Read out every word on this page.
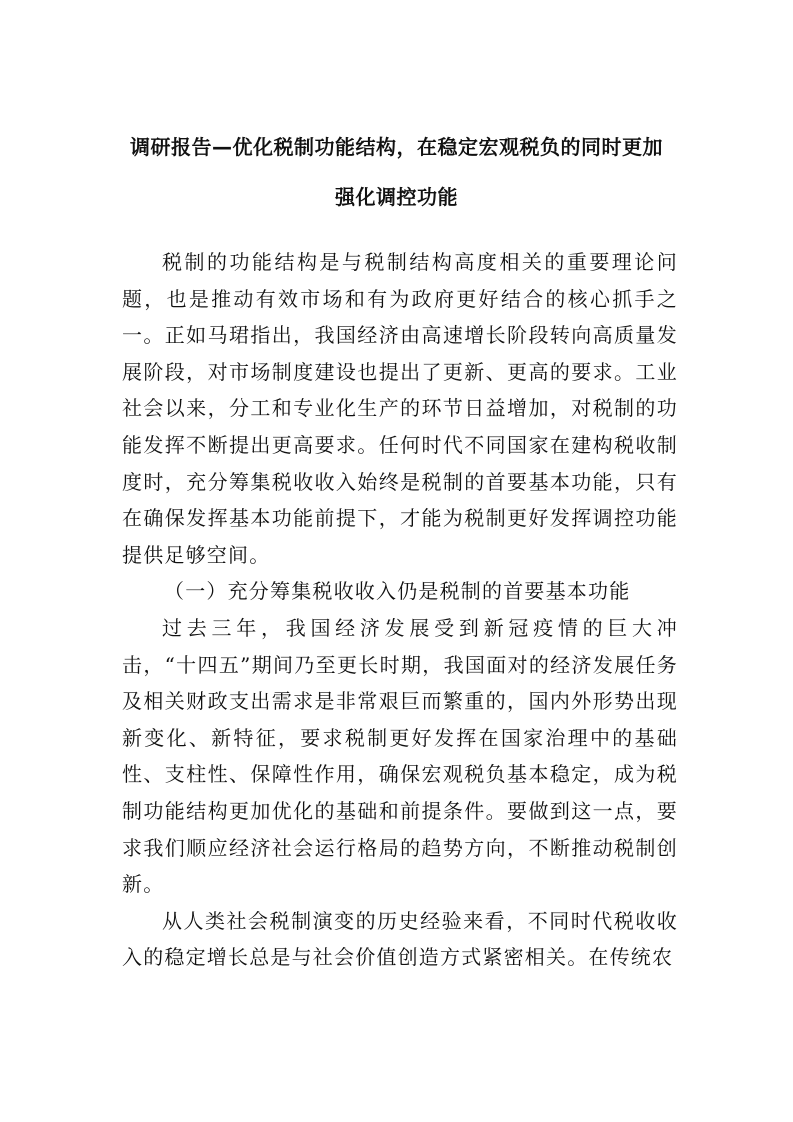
调研报告—优化税制功能结构，在稳定宏观税负的同时更加
强化调控功能

税制的功能结构是与税制结构高度相关的重要理论问题，也是推动有效市场和有为政府更好结合的核心抓手之一。正如马珺指出，我国经济由高速增长阶段转向高质量发展阶段，对市场制度建设也提出了更新、更高的要求。工业社会以来，分工和专业化生产的环节日益增加，对税制的功能发挥不断提出更高要求。任何时代不同国家在建构税收制度时，充分筹集税收收入始终是税制的首要基本功能，只有在确保发挥基本功能前提下，才能为税制更好发挥调控功能提供足够空间。

（一）充分筹集税收收入仍是税制的首要基本功能

过去三年，我国经济发展受到新冠疫情的巨大冲击，“十四五”期间乃至更长时期，我国面对的经济发展任务及相关财政支出需求是非常艰巨而繁重的，国内外形势出现新变化、新特征，要求税制更好发挥在国家治理中的基础性、支柱性、保障性作用，确保宏观税负基本稳定，成为税制功能结构更加优化的基础和前提条件。要做到这一点，要求我们顺应经济社会运行格局的趋势方向，不断推动税制创新。

从人类社会税制演变的历史经验来看，不同时代税收收入的稳定增长总是与社会价值创造方式紧密相关。在传统农
